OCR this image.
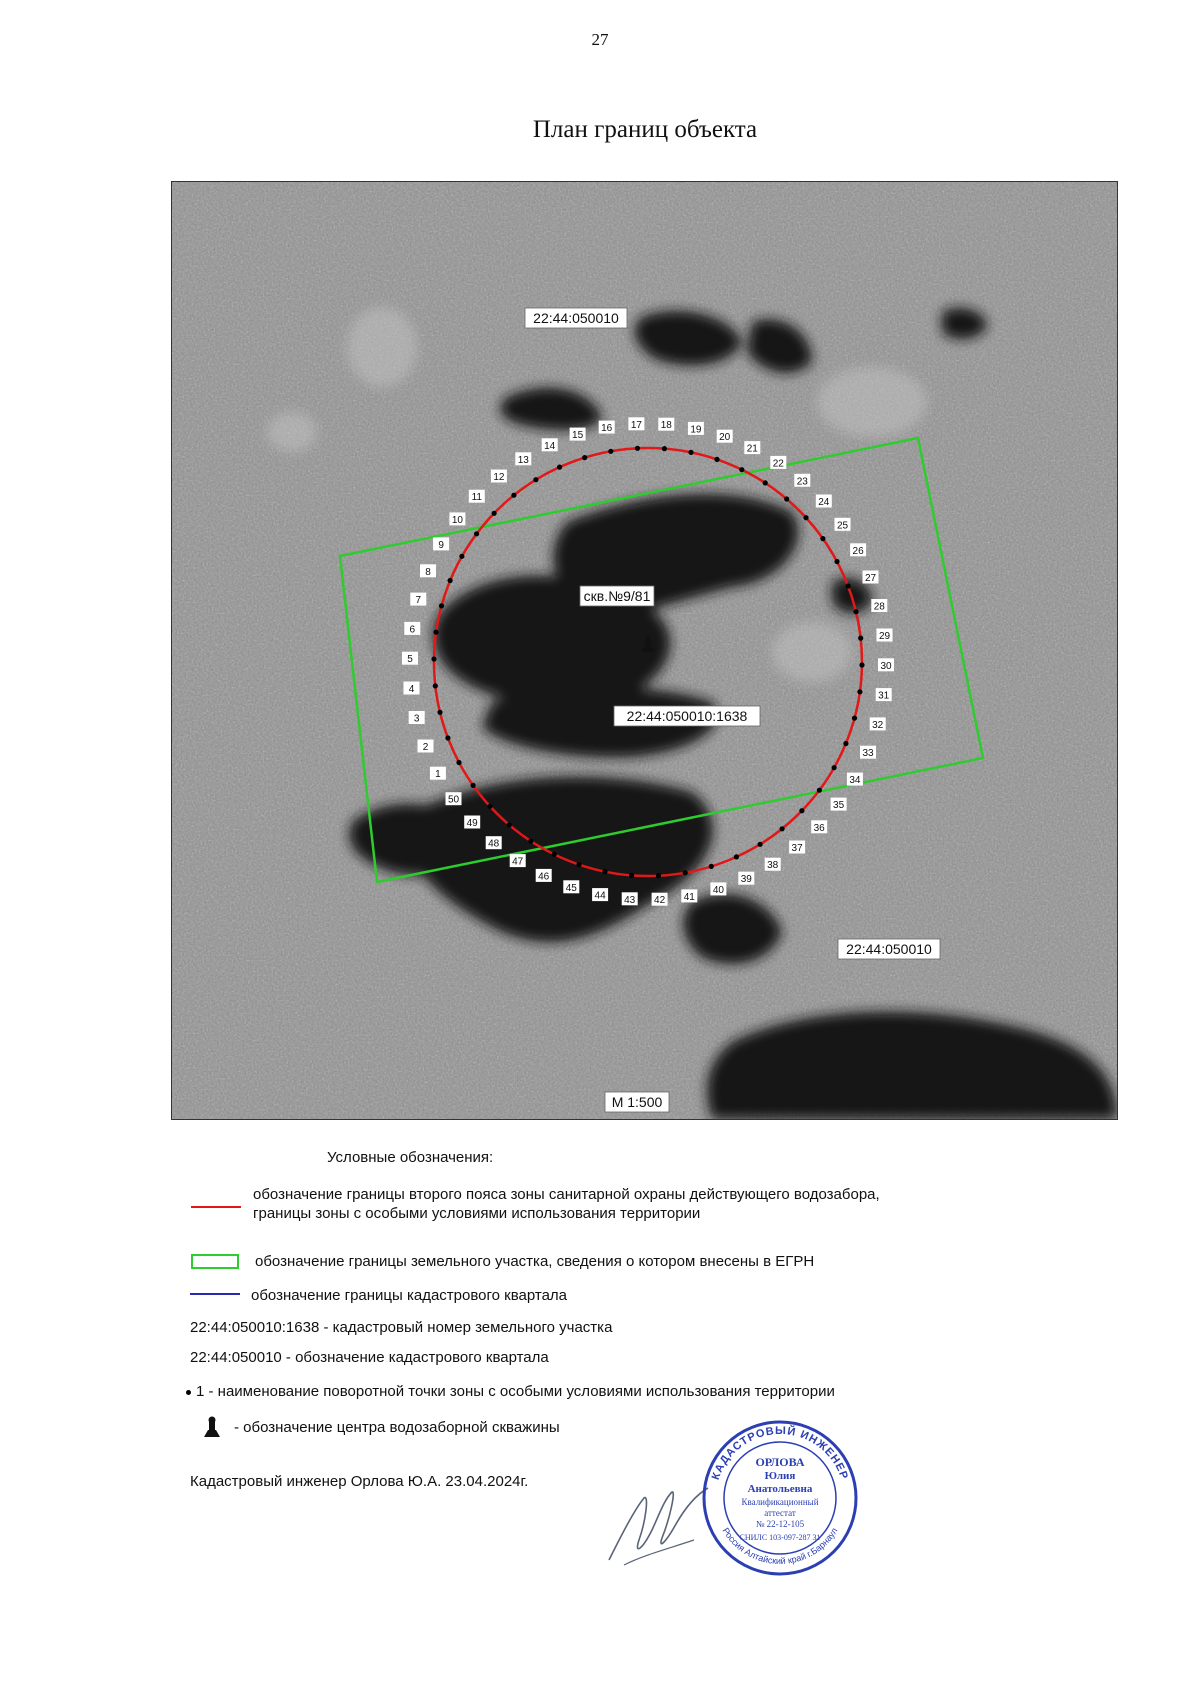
27
План границ объекта
1
2
3
4
5
6
7
8
9
10
11
12
13
14
15
16 17 18 19
20
21
22
23
24
25
26
27
28
29
30
31
32
33
34
35
36
37
38
39
40
41
42
43
44
45
46
47
48
49
50
22:44:050010
скв.№9/81
22:44:050010:1638
22:44:050010
М 1:500
Условные обозначения:
обозначение границы второго пояса зоны санитарной охраны действующего водозабора,
границы зоны с особыми условиями использования территории
обозначение границы земельного участка, сведения о котором внесены в ЕГРН
обозначение границы кадастрового квартала
22:44:050010:1638 - кадастровый номер земельного участка
22:44:050010 - обозначение кадастрового квартала
1 - наименование поворотной точки зоны с особыми условиями использования территории
- обозначение центра водозаборной скважины
Кадастровый инженер Орлова Ю.А. 23.04.2024г.	КАДАСТРОВЫЙ ИНЖЕНЕР
Россия Алтайский край г.Барнаул
ОРЛОВА
Юлия
Анатольевна
Квалификационный
аттестат
№ 22-12-105
СНИЛС 103-097-287 31
